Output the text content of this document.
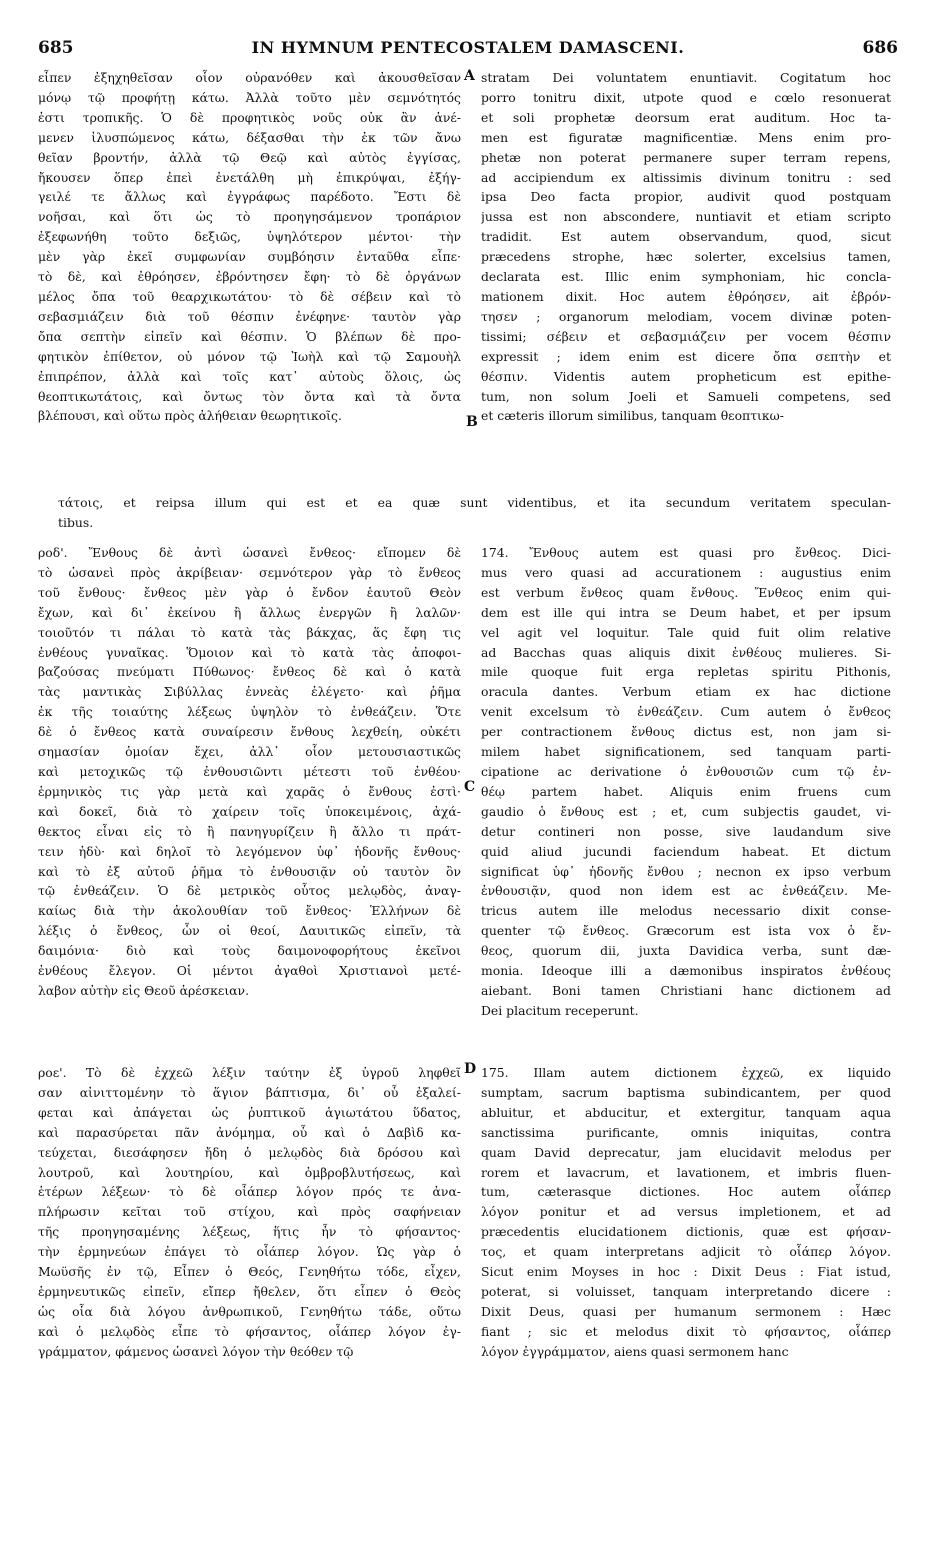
685	IN HYMNUM PENTECOSTALEM DAMASCENI.	686
A
B
C
D
εἶπεν ἐξηχηθεῖσαν οἷον οὐρανόθεν καὶ ἀκουσθεῖσαν
μόνῳ τῷ προφήτῃ κάτω. Ἀλλὰ τοῦτο μὲν σεμνότητός
ἐστι τροπικῆς. Ὁ δὲ προφητικὸς νοῦς οὐκ ἂν ἀνέ-
μενεν ἰλυσπώμενος κάτω, δέξασθαι τὴν ἐκ τῶν ἄνω
θεῖαν βροντήν, ἀλλὰ τῷ Θεῷ καὶ αὐτὸς ἐγγίσας,
ἤκουσεν ὅπερ ἐπεὶ ἐνετάλθη μὴ ἐπικρύψαι, ἐξήγ-
γειλέ τε ἄλλως καὶ ἐγγράφως παρέδοτο. Ἔστι δὲ
νοῆσαι, καὶ ὅτι ὡς τὸ προηγησάμενον τροπάριον
ἐξεφωνήθη τοῦτο δεξιῶς, ὑψηλότερον μέντοι· τὴν
μὲν γὰρ ἐκεῖ συμφωνίαν συμβόησιν ἐνταῦθα εἶπε·
τὸ δὲ, καὶ ἐθρόησεν, ἐβρόντησεν ἔφη· τὸ δὲ ὀργάνων
μέλος ὄπα τοῦ θεαρχικωτάτου· τὸ δὲ σέβειν καὶ τὸ
σεβασμιάζειν διὰ τοῦ θέσπιν ἐνέφηνε· ταυτὸν γὰρ
ὄπα σεπτὴν εἰπεῖν καὶ θέσπιν. Ὁ βλέπων δὲ προ-
φητικὸν ἐπίθετον, οὐ μόνον τῷ Ἰωὴλ καὶ τῷ Σαμουὴλ
ἐπιπρέπον, ἀλλὰ καὶ τοῖς κατ᾿ αὐτοὺς ὅλοις, ὡς
θεοπτικωτάτοις, καὶ ὄντως τὸν ὄντα καὶ τὰ ὄντα
βλέπουσι, καὶ οὕτω πρὸς ἀλήθειαν θεωρητικοῖς.
stratam Dei voluntatem enuntiavit. Cogitatum hoc
porro tonitru dixit, utpote quod e cœlo resonuerat
et soli prophetæ deorsum erat auditum. Hoc ta-
men est figuratæ magnificentiæ. Mens enim pro-
phetæ non poterat permanere super terram repens,
ad accipiendum ex altissimis divinum tonitru : sed
ipsa Deo facta propior, audivit quod postquam
jussa est non abscondere, nuntiavit et etiam scripto
tradidit. Est autem observandum, quod, sicut
præcedens strophe, hæc solerter, excelsius tamen,
declarata est. Illic enim symphoniam, hic concla-
mationem dixit. Hoc autem ἐθρόησεν, ait ἐβρόν-
τησεν ; organorum melodiam, vocem divinæ poten-
tissimi; σέβειν et σεβασμιάζειν per vocem θέσπιν
expressit ; idem enim est dicere ὄπα σεπτὴν et
θέσπιν. Videntis autem propheticum est epithe-
tum, non solum Joeli et Samueli competens, sed
et cæteris illorum similibus, tanquam θεοπτικω-
τάτοις, et reipsa illum qui est et ea quæ sunt videntibus, et ita secundum veritatem speculan-
tibus.
ροδ'. Ἔνθους δὲ ἀντὶ ὡσανεὶ ἔνθεος· εἴπομεν δὲ
τὸ ὡσανεὶ πρὸς ἀκρίβειαν· σεμνότερον γὰρ τὸ ἔνθεος
τοῦ ἔνθους· ἔνθεος μὲν γὰρ ὁ ἔνδον ἑαυτοῦ Θεὸν
ἔχων, καὶ δι᾿ ἐκείνου ἢ ἄλλως ἐνεργῶν ἢ λαλῶν·
τοιοῦτόν τι πάλαι τὸ κατὰ τὰς βάκχας, ἅς ἔφη τις
ἐνθέους γυναῖκας. Ὅμοιον καὶ τὸ κατὰ τὰς ἀποφοι-
βαζούσας πνεύματι Πύθωνος· ἔνθεος δὲ καὶ ὁ κατὰ
τὰς μαντικὰς Σιβύλλας ἐννεὰς ἐλέγετο· καὶ ῥῆμα
ἐκ τῆς τοιαύτης λέξεως ὑψηλὸν τὸ ἐνθεάζειν. Ὅτε
δὲ ὁ ἔνθεος κατὰ συναίρεσιν ἔνθους λεχθείη, οὐκέτι
σημασίαν ὁμοίαν ἔχει, ἀλλ᾿ οἷον μετουσιαστικῶς
καὶ μετοχικῶς τῷ ἐνθουσιῶντι μέτεστι τοῦ ἐνθέου·
ἑρμηνικὸς τις γὰρ μετὰ καὶ χαρᾶς ὁ ἔνθους ἐστὶ·
καὶ δοκεῖ, διὰ τὸ χαίρειν τοῖς ὑποκειμένοις, ἀχά-
θεκτος εἶναι εἰς τὸ ἢ πανηγυρίζειν ἢ ἄλλο τι πράτ-
τειν ἡδὺ· καὶ δηλοῖ τὸ λεγόμενον ὑφ᾿ ἡδονῆς ἔνθους·
καὶ τὸ ἐξ αὐτοῦ ῥῆμα τὸ ἐνθουσιᾷν οὐ ταυτὸν ὂν
τῷ ἐνθεάζειν. Ὁ δὲ μετρικὸς οὗτος μελῳδὸς, ἀναγ-
καίως διὰ τὴν ἀκολουθίαν τοῦ ἔνθεος· Ἑλλήνων δὲ
λέξις ὁ ἔνθεος, ὧν οἱ θεοί, Δαυιτικῶς εἰπεῖν, τὰ
δαιμόνια· διὸ καὶ τοὺς δαιμονοφορήτους ἐκεῖνοι
ἐνθέους ἔλεγον. Οἱ μέντοι ἀγαθοὶ Χριστιανοὶ μετέ-
λαβον αὐτὴν εἰς Θεοῦ ἀρέσκειαν.
174. Ἔνθους autem est quasi pro ἔνθεος. Dici-
mus vero quasi ad accurationem : augustius enim
est verbum ἔνθεος quam ἔνθους. Ἔνθεος enim qui-
dem est ille qui intra se Deum habet, et per ipsum
vel agit vel loquitur. Tale quid fuit olim relative
ad Bacchas quas aliquis dixit ἐνθέους mulieres. Si-
mile quoque fuit erga repletas spiritu Pithonis,
oracula dantes. Verbum etiam ex hac dictione
venit excelsum τὸ ἐνθεάζειν. Cum autem ὁ ἔνθεος
per contractionem ἔνθους dictus est, non jam si-
milem habet significationem, sed tanquam parti-
cipatione ac derivatione ὁ ἐνθουσιῶν cum τῷ ἐν-
θέῳ partem habet. Aliquis enim fruens cum
gaudio ὁ ἔνθους est ; et, cum subjectis gaudet, vi-
detur contineri non posse, sive laudandum sive
quid aliud jucundi faciendum habeat. Et dictum
significat ὑφ᾿ ἡδονῆς ἔνθου ; necnon ex ipso verbum
ἐνθουσιᾷν, quod non idem est ac ἐνθεάζειν. Me-
tricus autem ille melodus necessario dixit conse-
quenter τῷ ἔνθεος. Græcorum est ista vox ὁ ἔν-
θεος, quorum dii, juxta Davidica verba, sunt dæ-
monia. Ideoque illi a dæmonibus inspiratos ἐνθέους
aiebant. Boni tamen Christiani hanc dictionem ad
Dei placitum receperunt.
ροε'. Τὸ δὲ ἐχχεῶ λέξιν ταύτην ἐξ ὑγροῦ ληφθεῖ
σαν αἰνιττομένην τὸ ἅγιον βάπτισμα, δι᾿ οὗ ἐξαλεί-
φεται καὶ ἀπάγεται ὡς ῥυπτικοῦ ἁγιωτάτου ὕδατος,
καὶ παρασύρεται πᾶν ἀνόμημα, οὗ καὶ ὁ Δαβὶδ κα-
τεύχεται, διεσάφησεν ἤδη ὁ μελῳδὸς διὰ δρόσου καὶ
λουτροῦ, καὶ λουτηρίου, καὶ ὀμβροβλυτήσεως, καὶ
ἑτέρων λέξεων· τὸ δὲ οἷάπερ λόγον πρός τε ἀνα-
πλήρωσιν κεῖται τοῦ στίχου, καὶ πρὸς σαφήνειαν
τῆς προηγησαμένης λέξεως, ἥτις ἦν τὸ φήσαντος·
τὴν ἑρμηνεύων ἐπάγει τὸ οἷάπερ λόγον. Ὡς γὰρ ὁ
Μωϋσῆς ἐν τῷ, Εἶπεν ὁ Θεός, Γενηθήτω τόδε, εἶχεν,
ἑρμηνευτικῶς εἰπεῖν, εἴπερ ἤθελεν, ὅτι εἶπεν ὁ Θεὸς
ὡς οἷα διὰ λόγου ἀνθρωπικοῦ, Γενηθήτω τάδε, οὕτω
καὶ ὁ μελῳδὸς εἶπε τὸ φήσαντος, οἷάπερ λόγον ἐγ-
γράμματον, φάμενος ὡσανεὶ λόγον τὴν θεόθεν τῷ
175. Illam autem dictionem ἐχχεῶ, ex liquido
sumptam, sacrum baptisma subindicantem, per quod
abluitur, et abducitur, et extergitur, tanquam aqua
sanctissima purificante, omnis iniquitas, contra
quam David deprecatur, jam elucidavit melodus per
rorem et lavacrum, et lavationem, et imbris fluen-
tum, cæterasque dictiones. Hoc autem οἷάπερ
λόγον ponitur et ad versus impletionem, et ad
præcedentis elucidationem dictionis, quæ est φήσαν-
τος, et quam interpretans adjicit τὸ οἷάπερ λόγον.
Sicut enim Moyses in hoc : Dixit Deus : Fiat istud,
poterat, si voluisset, tanquam interpretando dicere :
Dixit Deus, quasi per humanum sermonem : Hæc
fiant ; sic et melodus dixit τὸ φήσαντος, οἷάπερ
λόγον ἐγγράμματον, aiens quasi sermonem hanc
